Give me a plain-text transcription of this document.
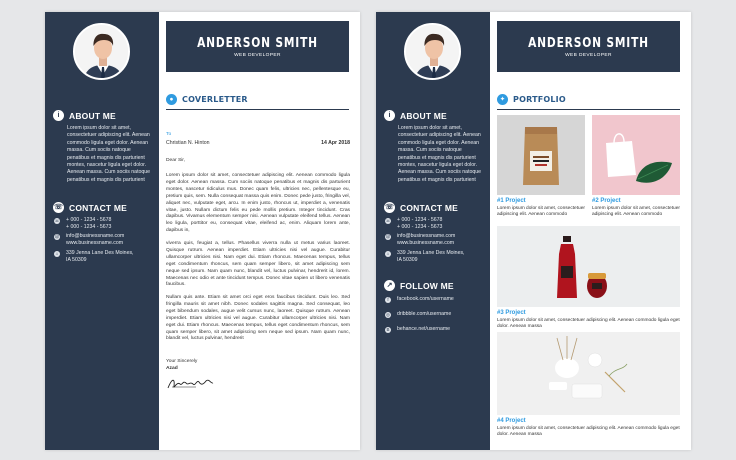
i	ABOUT ME
Lorem ipsum dolor sit amet, consectetuer adipiscing elit. Aenean commodo ligula eget dolor. Aenean massa. Cum sociis natoque penatibus et magnis dis parturient montes, nascetur ligula eget dolor. Aenean massa. Cum sociis natoque penatibus et magnis dis parturient
☏ CONTACT ME
☏ + 000 - 1234 - 5678
+ 000 - 1234 - 5673
@ info@businessname.com
www.businessname.com
⌂	339 Jenna Lane Des Moines,
IA 50309
ANDERSON SMITH
WEB DEVELOPER
●	COVERLETTER
To
Christian N. Hinton	14 Apr 2018
Dear Sir,
Lorem ipsum dolor sit amet, consectetuer adipiscing elit. Aenean commodo ligula eget dolor. Aenean massa. Cum sociis natoque penatibus et magnis dis parturient montes, nascetur ridiculus mus. Donec quam felis, ultricies nec, pellentesque eu, pretium quis, sem. Nulla consequat massa quis enim. Donec pede justo, fringilla vel, aliquet nec, vulputate eget, arcu. In enim justo, rhoncus ut, imperdiet a, venenatis vitae, justo. Nullam dictum felis eu pede mollis pretium. Integer tincidunt. Cras dapibus. Vivamus elementum semper nisi. Aenean vulputate eleifend tellus. Aenean leo ligula, porttitor eu, consequat vitae, eleifend ac, enim. Aliquam lorem ante, dapibus in,
viverra quis, feugiat a, tellus. Phasellus viverra nulla ut metus varius laoreet. Quisque rutrum. Aenean imperdiet. Etiam ultricies nisi vel augue. Curabitur ullamcorper ultricies nisi. Nam eget dui. Etiam rhoncus. Maecenas tempus, tellus eget condimentum rhoncus, sem quam semper libero, sit amet adipiscing sem neque sed ipsum. Nam quam nunc, blandit vel, luctus pulvinar, hendrerit id, lorem. Maecenas nec odio et ante tincidunt tempus. Donec vitae sapien ut libero venenatis faucibus.
Nullam quis ante. Etiam sit amet orci eget eros faucibus tincidunt. Duis leo. Sed fringilla mauris sit amet nibh. Donec sodales sagittis magna. Sed consequat, leo eget bibendum sodales, augue velit cursus nunc, laoreet. Quisque rutrum. Aenean imperdiet. Etiam ultricies nisi vel augue. Curabitur ullamcorper ultricies nisi. Nam eget dui. Etiam rhoncus. Maecenas tempus, tellus eget condimentum rhoncus, sem quam semper libero, sit amet adipiscing sem neque sed ipsum. Nam quam nunc, blandit vel, luctus pulvinar, hendrerit
Your Sincerely
Azad
i	ABOUT ME
Lorem ipsum dolor sit amet, consectetuer adipiscing elit. Aenean commodo ligula eget dolor. Aenean massa. Cum sociis natoque penatibus et magnis dis parturient montes, nascetur ligula eget dolor. Aenean massa. Cum sociis natoque penatibus et magnis dis parturient
☏ CONTACT ME
☏ + 000 - 1234 - 5678
+ 000 - 1234 - 5673
@ info@businessname.com
www.businessname.com
⌂	339 Jenna Lane Des Moines,
IA 50309
↗ FOLLOW ME
f	facebook.com/username
◎ dribbble.com/username
B behance.net/username
ANDERSON SMITH
WEB DEVELOPER
✦ PORTFOLIO
#1 Project
Lorem ipsum dolor sit amet, consectetuer adipiscing elit. Aenean commodo
#2 Project
Lorem ipsum dolor sit amet, consectetuer adipiscing elit. Aenean commodo
#3 Project
Lorem ipsum dolor sit amet, consectetuer adipiscing elit. Aenean commodo ligula eget dolor. Aenean massa
#4 Project
Lorem ipsum dolor sit amet, consectetuer adipiscing elit. Aenean commodo ligula eget dolor. Aenean massa
